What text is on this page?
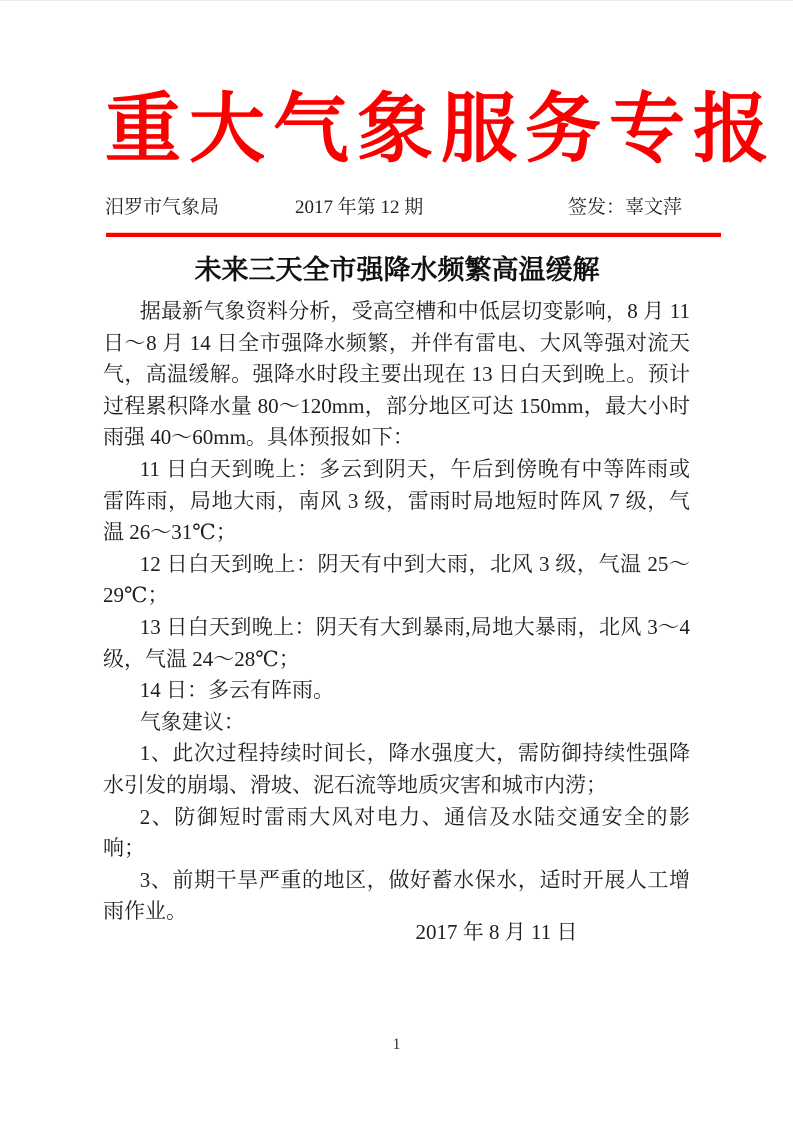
重大气象服务专报
汨罗市气象局	2017 年第 12 期	签发：辜文萍
未来三天全市强降水频繁高温缓解

据最新气象资料分析，受高空槽和中低层切变影响，8 月 11 日～8 月 14 日全市强降水频繁，并伴有雷电、大风等强对流天气，高温缓解。强降水时段主要出现在 13 日白天到晚上。预计过程累积降水量 80～120mm，部分地区可达 150mm，最大小时雨强 40～60mm。具体预报如下：

11 日白天到晚上：多云到阴天，午后到傍晚有中等阵雨或雷阵雨，局地大雨，南风 3 级，雷雨时局地短时阵风 7 级，气温 26～31℃；

12 日白天到晚上：阴天有中到大雨，北风 3 级，气温 25～29℃；

13 日白天到晚上：阴天有大到暴雨,局地大暴雨，北风 3～4 级，气温 24～28℃；

14 日：多云有阵雨。

气象建议：

1、此次过程持续时间长，降水强度大，需防御持续性强降水引发的崩塌、滑坡、泥石流等地质灾害和城市内涝；

2、防御短时雷雨大风对电力、通信及水陆交通安全的影响；

3、前期干旱严重的地区，做好蓄水保水，适时开展人工增雨作业。

2017 年 8 月 11 日
1
